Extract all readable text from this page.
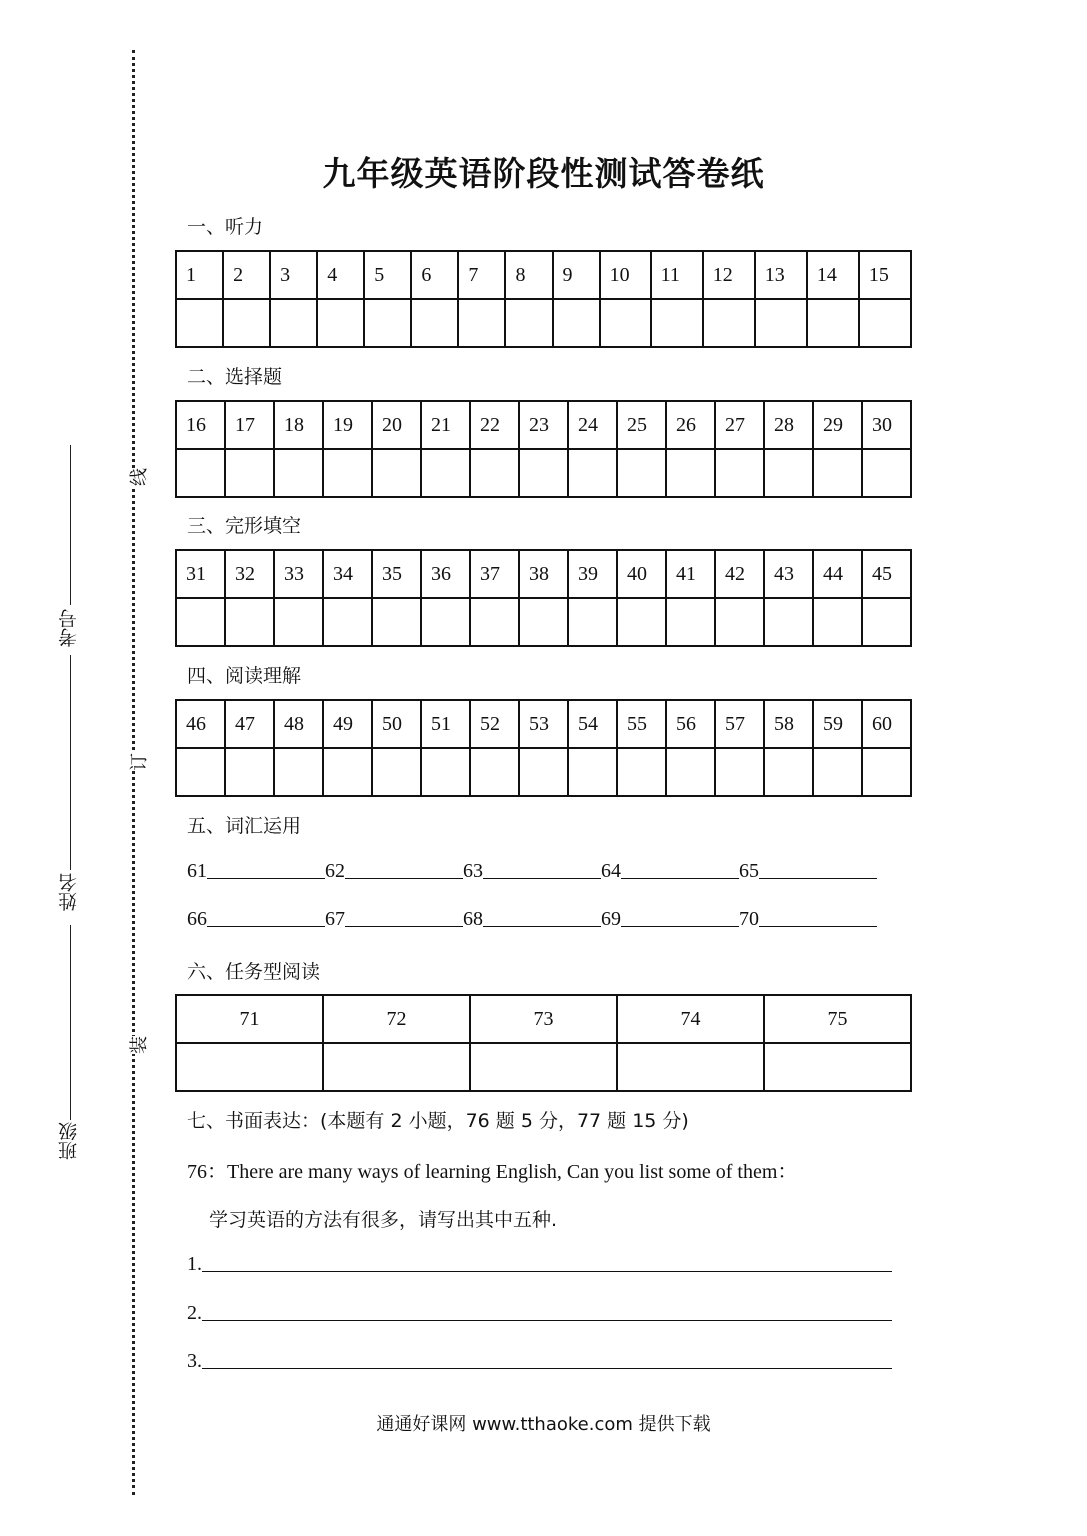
班级
姓名
考号
装
订
线
九年级英语阶段性测试答卷纸
一、听力
1	2	3	4	5	6	7	8	9	10	11	12	13	14	15

二、选择题
16	17	18	19	20	21	22	23	24	25	26	27	28	29	30

三、完形填空
31	32	33	34	35	36	37	38	39	40	41	42	43	44	45

四、阅读理解
46	47	48	49	50	51	52	53	54	55	56	57	58	59	60

五、词汇运用
61	62	63	64	65
66	67	68	69	70
六、任务型阅读
71	72	73	74	75

七、书面表达：(本题有 2 小题，76 题 5 分，77 题 15 分)
76：There are many ways of learning English, Can you list some of them：
学习英语的方法有很多，请写出其中五种.
1.
2.
3.
通通好课网 www.tthaoke.com 提供下载
